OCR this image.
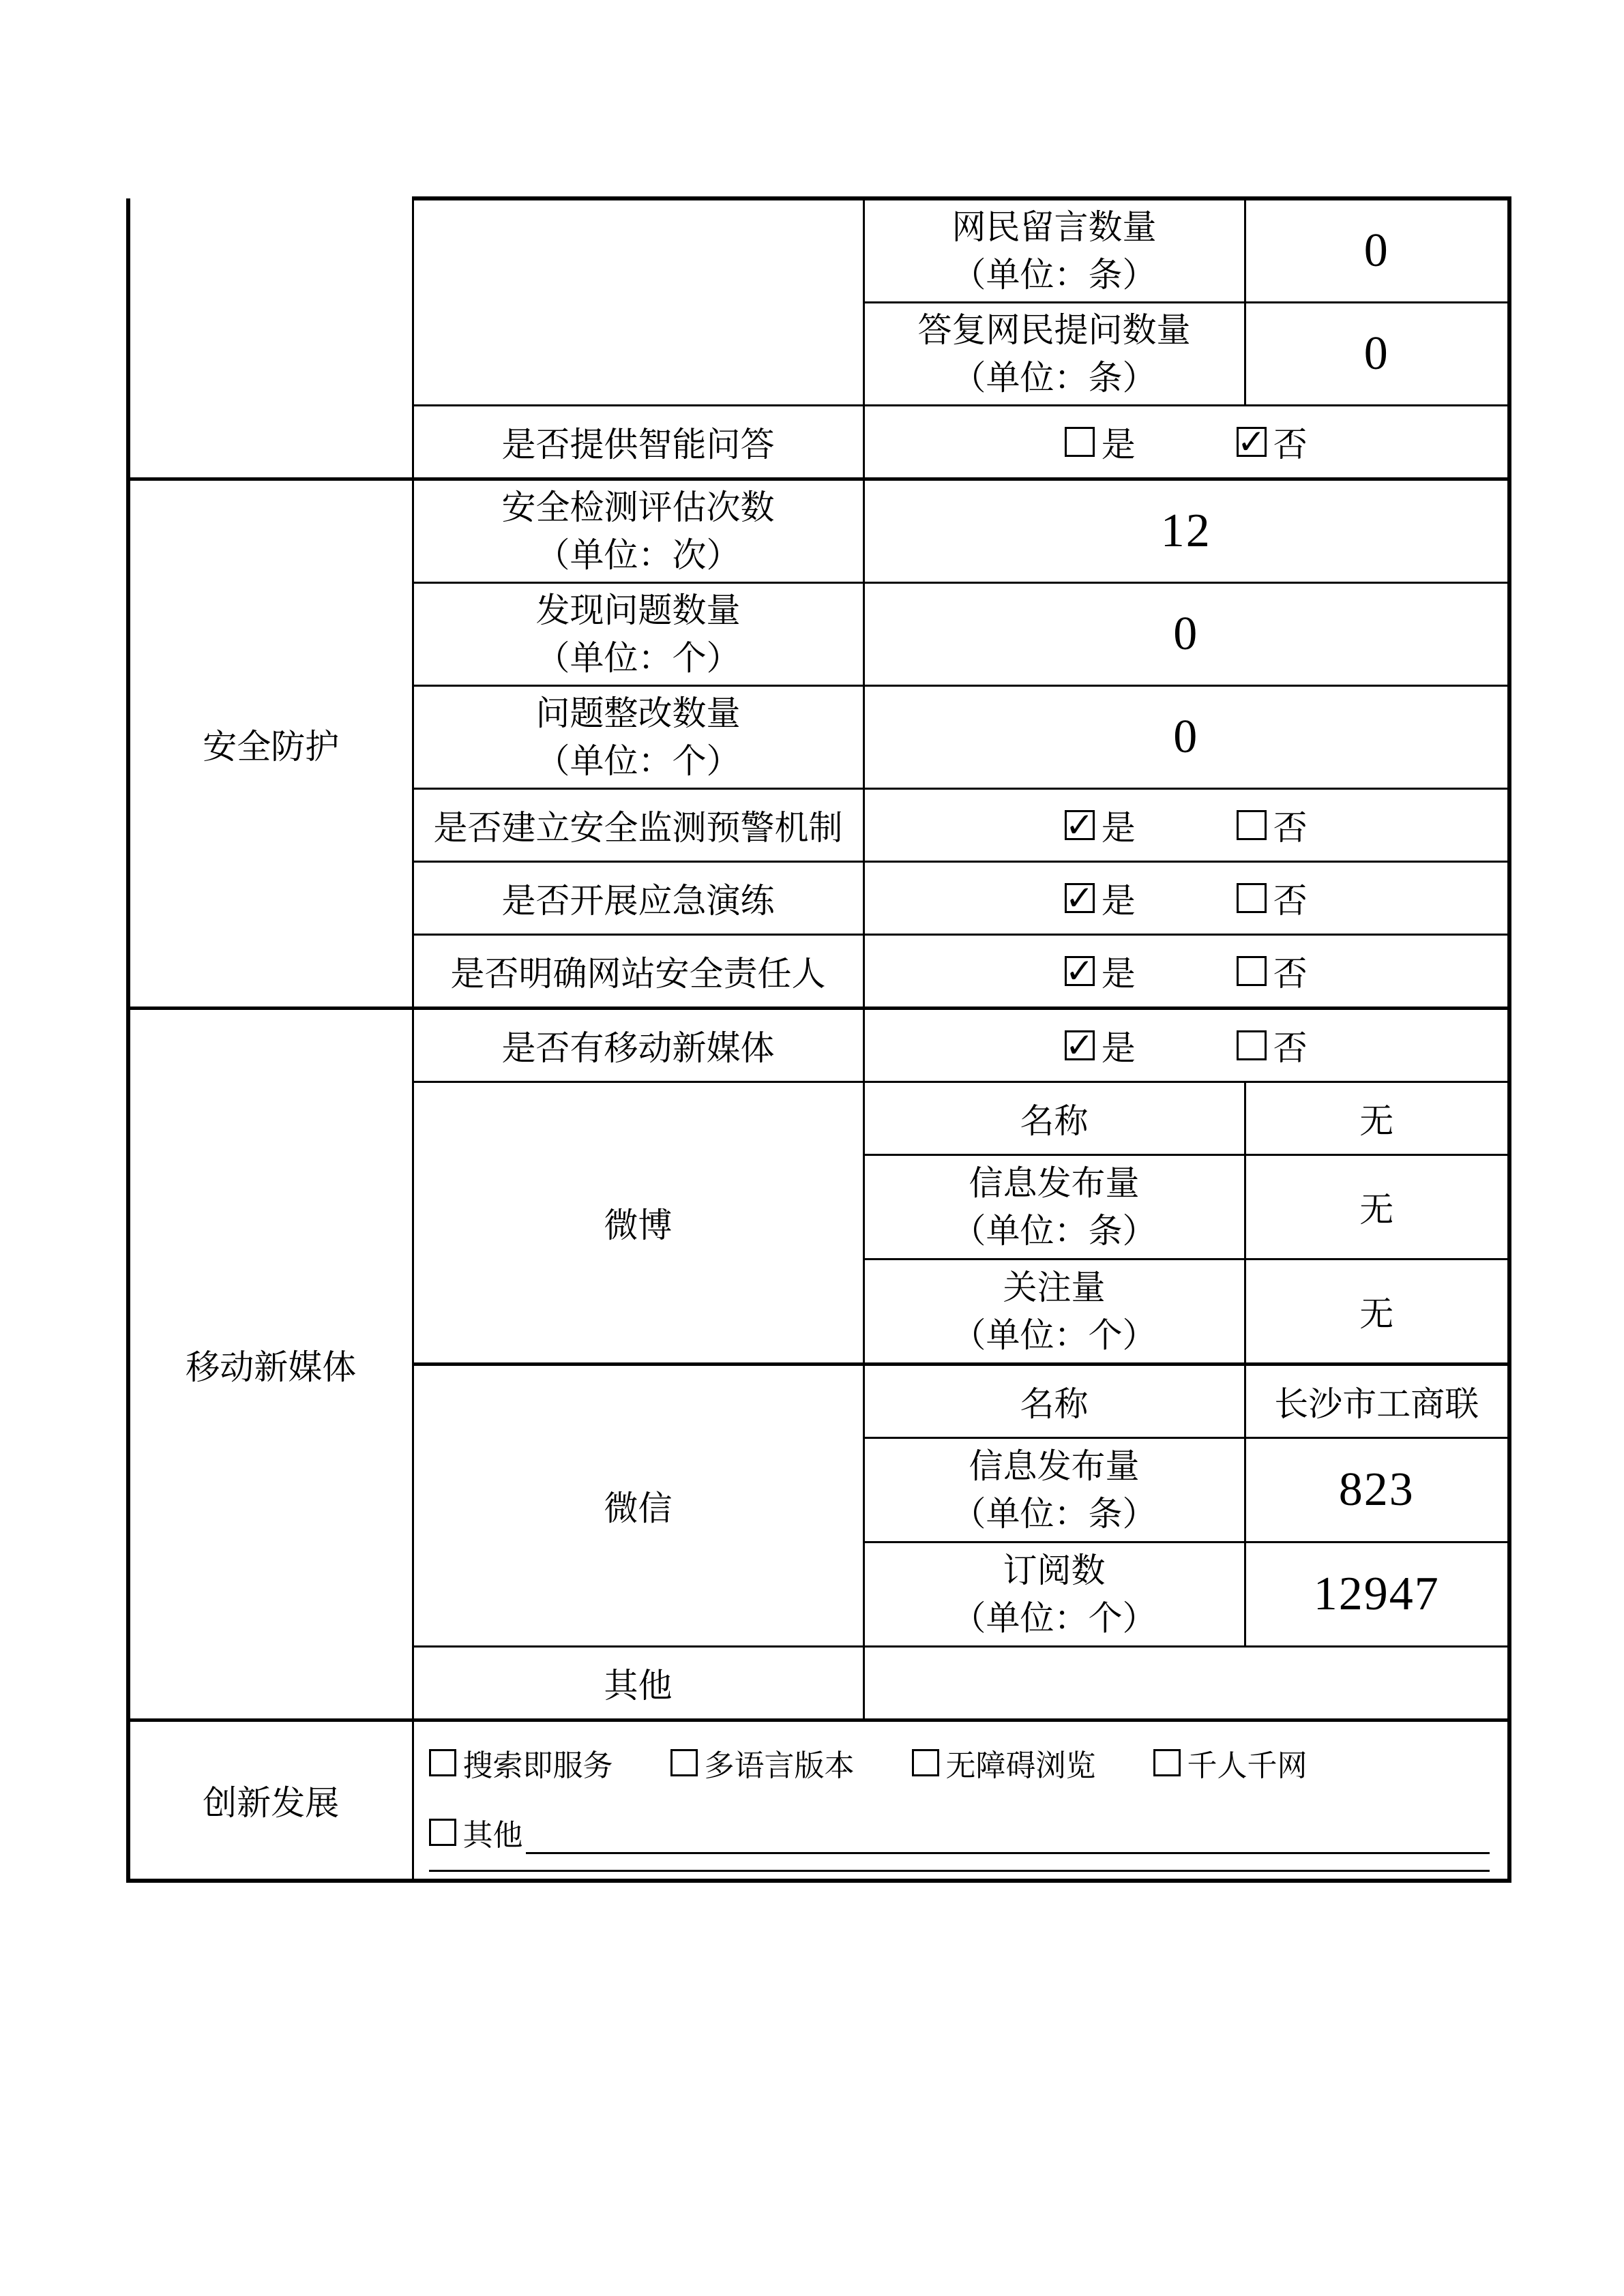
		网民留言数量
（单位：条）	0

		答复网民提问数量
（单位：条）	0
	是否提供智能问答	是 ✓ 否	

安全防护	安全检测评估次数
（单位：次）	12	

	发现问题数量
（单位：个）	0	

	问题整改数量
（单位：个）	0	
	是否建立安全监测预警机制	✓ 是 否	

	是否开展应急演练	✓ 是 否	

	是否明确网站安全责任人	✓ 是 否	

移动新媒体	是否有移动新媒体	✓ 是 否	

	微博	名称	无

		信息发布量
（单位：条）	无

		关注量
（单位：个）	无
	微信	名称	长沙市工商联

		信息发布量
（单位：条）	823

		订阅数
（单位：个）	12947
	其他		
创新发展	搜索即服务 多语言版本 无障碍浏览 千人千网
其他		
